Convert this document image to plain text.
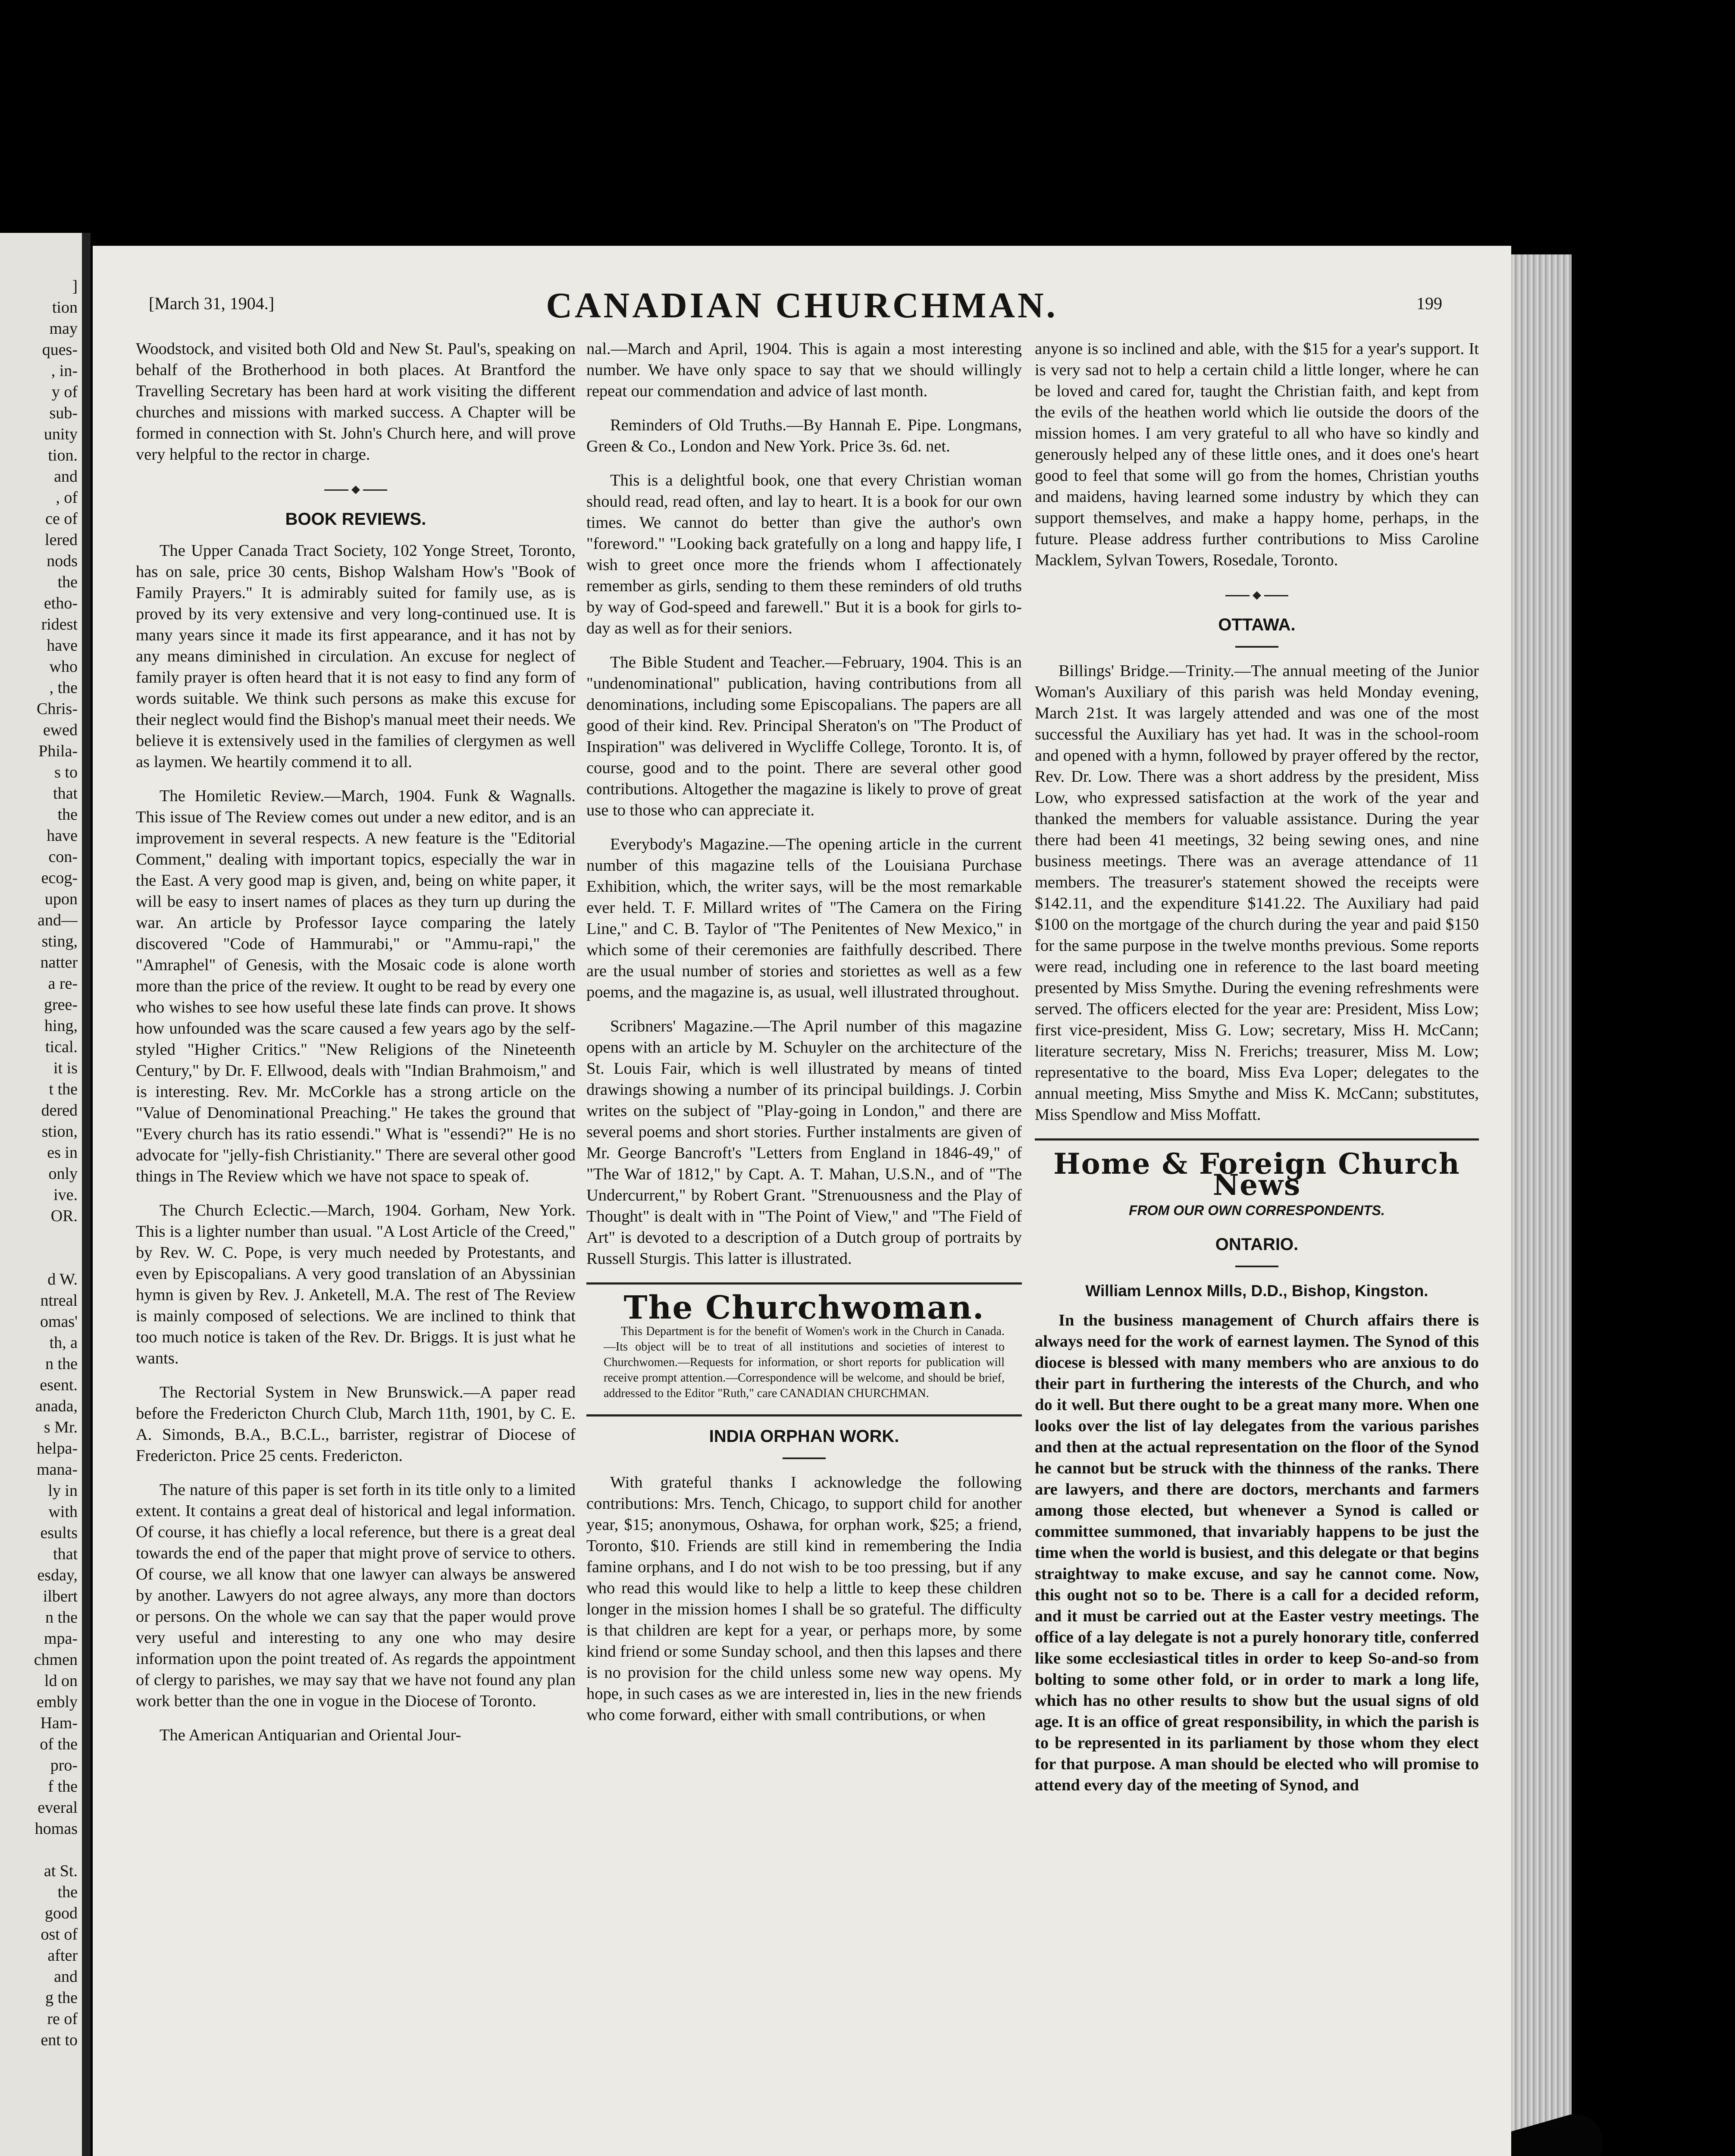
]
tion
may
ques-
, in-
y of
sub-
unity
tion.
and
, of
ce of
lered
nods
the
etho-
ridest
have
who
, the
Chris-
ewed
Phila-
s to
that
the
have
con-
ecog-
upon
and—
sting,
natter
a re-
gree-
hing,
tical.
it is
t the
dered
stion,
es in
only
ive.
OR.

d W.
ntreal
omas'
th, a
n the
esent.
anada,
s Mr.
helpa-
mana-
ly in
with
esults
that
esday,
ilbert
n the
mpa-
chmen
ld on
embly
Ham-
of the
pro-
f the
everal
homas

at St.
the
good
ost of
after
and
g the
re of
ent to
CANADIAN CHURCHMAN.
[March 31, 1904.]	199

Woodstock, and visited both Old and New St. Paul's, speaking on behalf of the Brotherhood in both places. At Brantford the Travelling Secretary has been hard at work visiting the different churches and missions with marked success. A Chapter will be formed in connection with St. John's Church here, and will prove very helpful to the rector in charge.

BOOK REVIEWS.

The Upper Canada Tract Society, 102 Yonge Street, Toronto, has on sale, price 30 cents, Bishop Walsham How's "Book of Family Prayers." It is admirably suited for family use, as is proved by its very extensive and very long-continued use. It is many years since it made its first appearance, and it has not by any means diminished in circulation. An excuse for neglect of family prayer is often heard that it is not easy to find any form of words suitable. We think such persons as make this excuse for their neglect would find the Bishop's manual meet their needs. We believe it is extensively used in the families of clergymen as well as laymen. We heartily commend it to all.

The Homiletic Review.—March, 1904. Funk & Wagnalls. This issue of The Review comes out under a new editor, and is an improvement in several respects. A new feature is the "Editorial Comment," dealing with important topics, especially the war in the East. A very good map is given, and, being on white paper, it will be easy to insert names of places as they turn up during the war. An article by Professor Iayce comparing the lately discovered "Code of Hammurabi," or "Ammu-rapi," the "Amraphel" of Genesis, with the Mosaic code is alone worth more than the price of the review. It ought to be read by every one who wishes to see how useful these late finds can prove. It shows how unfounded was the scare caused a few years ago by the self-styled "Higher Critics." "New Religions of the Nineteenth Century," by Dr. F. Ellwood, deals with "Indian Brahmoism," and is interesting. Rev. Mr. McCorkle has a strong article on the "Value of Denominational Preaching." He takes the ground that "Every church has its ratio essendi." What is "essendi?" He is no advocate for "jelly-fish Christianity." There are several other good things in The Review which we have not space to speak of.

The Church Eclectic.—March, 1904. Gorham, New York. This is a lighter number than usual. "A Lost Article of the Creed," by Rev. W. C. Pope, is very much needed by Protestants, and even by Episcopalians. A very good translation of an Abyssinian hymn is given by Rev. J. Anketell, M.A. The rest of The Review is mainly composed of selections. We are inclined to think that too much notice is taken of the Rev. Dr. Briggs. It is just what he wants.

The Rectorial System in New Brunswick.—A paper read before the Fredericton Church Club, March 11th, 1901, by C. E. A. Simonds, B.A., B.C.L., barrister, registrar of Diocese of Fredericton. Price 25 cents. Fredericton.

The nature of this paper is set forth in its title only to a limited extent. It contains a great deal of historical and legal information. Of course, it has chiefly a local reference, but there is a great deal towards the end of the paper that might prove of service to others. Of course, we all know that one lawyer can always be answered by another. Lawyers do not agree always, any more than doctors or persons. On the whole we can say that the paper would prove very useful and interesting to any one who may desire information upon the point treated of. As regards the appointment of clergy to parishes, we may say that we have not found any plan work better than the one in vogue in the Diocese of Toronto.

The American Antiquarian and Oriental Jour-

nal.—March and April, 1904. This is again a most interesting number. We have only space to say that we should willingly repeat our commendation and advice of last month.

Reminders of Old Truths.—By Hannah E. Pipe. Longmans, Green & Co., London and New York. Price 3s. 6d. net.

This is a delightful book, one that every Christian woman should read, read often, and lay to heart. It is a book for our own times. We cannot do better than give the author's own "foreword." "Looking back gratefully on a long and happy life, I wish to greet once more the friends whom I affectionately remember as girls, sending to them these reminders of old truths by way of God-speed and farewell." But it is a book for girls to-day as well as for their seniors.

The Bible Student and Teacher.—February, 1904. This is an "undenominational" publication, having contributions from all denominations, including some Episcopalians. The papers are all good of their kind. Rev. Principal Sheraton's on "The Product of Inspiration" was delivered in Wycliffe College, Toronto. It is, of course, good and to the point. There are several other good contributions. Altogether the magazine is likely to prove of great use to those who can appreciate it.

Everybody's Magazine.—The opening article in the current number of this magazine tells of the Louisiana Purchase Exhibition, which, the writer says, will be the most remarkable ever held. T. F. Millard writes of "The Camera on the Firing Line," and C. B. Taylor of "The Penitentes of New Mexico," in which some of their ceremonies are faithfully described. There are the usual number of stories and storiettes as well as a few poems, and the magazine is, as usual, well illustrated throughout.

Scribners' Magazine.—The April number of this magazine opens with an article by M. Schuyler on the architecture of the St. Louis Fair, which is well illustrated by means of tinted drawings showing a number of its principal buildings. J. Corbin writes on the subject of "Play-going in London," and there are several poems and short stories. Further instalments are given of Mr. George Bancroft's "Letters from England in 1846-49," of "The War of 1812," by Capt. A. T. Mahan, U.S.N., and of "The Undercurrent," by Robert Grant. "Strenuousness and the Play of Thought" is dealt with in "The Point of View," and "The Field of Art" is devoted to a description of a Dutch group of portraits by Russell Sturgis. This latter is illustrated.

The Churchwoman.
This Department is for the benefit of Women's work in the Church in Canada.—Its object will be to treat of all institutions and societies of interest to Churchwomen.—Requests for information, or short reports for publication will receive prompt attention.—Correspondence will be welcome, and should be brief, addressed to the Editor "Ruth," care CANADIAN CHURCHMAN.
INDIA ORPHAN WORK.

With grateful thanks I acknowledge the following contributions: Mrs. Tench, Chicago, to support child for another year, $15; anonymous, Oshawa, for orphan work, $25; a friend, Toronto, $10. Friends are still kind in remembering the India famine orphans, and I do not wish to be too pressing, but if any who read this would like to help a little to keep these children longer in the mission homes I shall be so grateful. The difficulty is that children are kept for a year, or perhaps more, by some kind friend or some Sunday school, and then this lapses and there is no provision for the child unless some new way opens. My hope, in such cases as we are interested in, lies in the new friends who come forward, either with small contributions, or when

anyone is so inclined and able, with the $15 for a year's support. It is very sad not to help a certain child a little longer, where he can be loved and cared for, taught the Christian faith, and kept from the evils of the heathen world which lie outside the doors of the mission homes. I am very grateful to all who have so kindly and generously helped any of these little ones, and it does one's heart good to feel that some will go from the homes, Christian youths and maidens, having learned some industry by which they can support themselves, and make a happy home, perhaps, in the future. Please address further contributions to Miss Caroline Macklem, Sylvan Towers, Rosedale, Toronto.

OTTAWA.

Billings' Bridge.—Trinity.—The annual meeting of the Junior Woman's Auxiliary of this parish was held Monday evening, March 21st. It was largely attended and was one of the most successful the Auxiliary has yet had. It was in the school-room and opened with a hymn, followed by prayer offered by the rector, Rev. Dr. Low. There was a short address by the president, Miss Low, who expressed satisfaction at the work of the year and thanked the members for valuable assistance. During the year there had been 41 meetings, 32 being sewing ones, and nine business meetings. There was an average attendance of 11 members. The treasurer's statement showed the receipts were $142.11, and the expenditure $141.22. The Auxiliary had paid $100 on the mortgage of the church during the year and paid $150 for the same purpose in the twelve months previous. Some reports were read, including one in reference to the last board meeting presented by Miss Smythe. During the evening refreshments were served. The officers elected for the year are: President, Miss Low; first vice-president, Miss G. Low; secretary, Miss H. McCann; literature secretary, Miss N. Frerichs; treasurer, Miss M. Low; representative to the board, Miss Eva Loper; delegates to the annual meeting, Miss Smythe and Miss K. McCann; substitutes, Miss Spendlow and Miss Moffatt.

Home & Foreign Church News
FROM OUR OWN CORRESPONDENTS.
ONTARIO.
William Lennox Mills, D.D., Bishop, Kingston.

In the business management of Church affairs there is always need for the work of earnest laymen. The Synod of this diocese is blessed with many members who are anxious to do their part in furthering the interests of the Church, and who do it well. But there ought to be a great many more. When one looks over the list of lay delegates from the various parishes and then at the actual representation on the floor of the Synod he cannot but be struck with the thinness of the ranks. There are lawyers, and there are doctors, merchants and farmers among those elected, but whenever a Synod is called or committee summoned, that invariably happens to be just the time when the world is busiest, and this delegate or that begins straightway to make excuse, and say he cannot come. Now, this ought not so to be. There is a call for a decided reform, and it must be carried out at the Easter vestry meetings. The office of a lay delegate is not a purely honorary title, conferred like some ecclesiastical titles in order to keep So-and-so from bolting to some other fold, or in order to mark a long life, which has no other results to show but the usual signs of old age. It is an office of great responsibility, in which the parish is to be represented in its parliament by those whom they elect for that purpose. A man should be elected who will promise to attend every day of the meeting of Synod, and
